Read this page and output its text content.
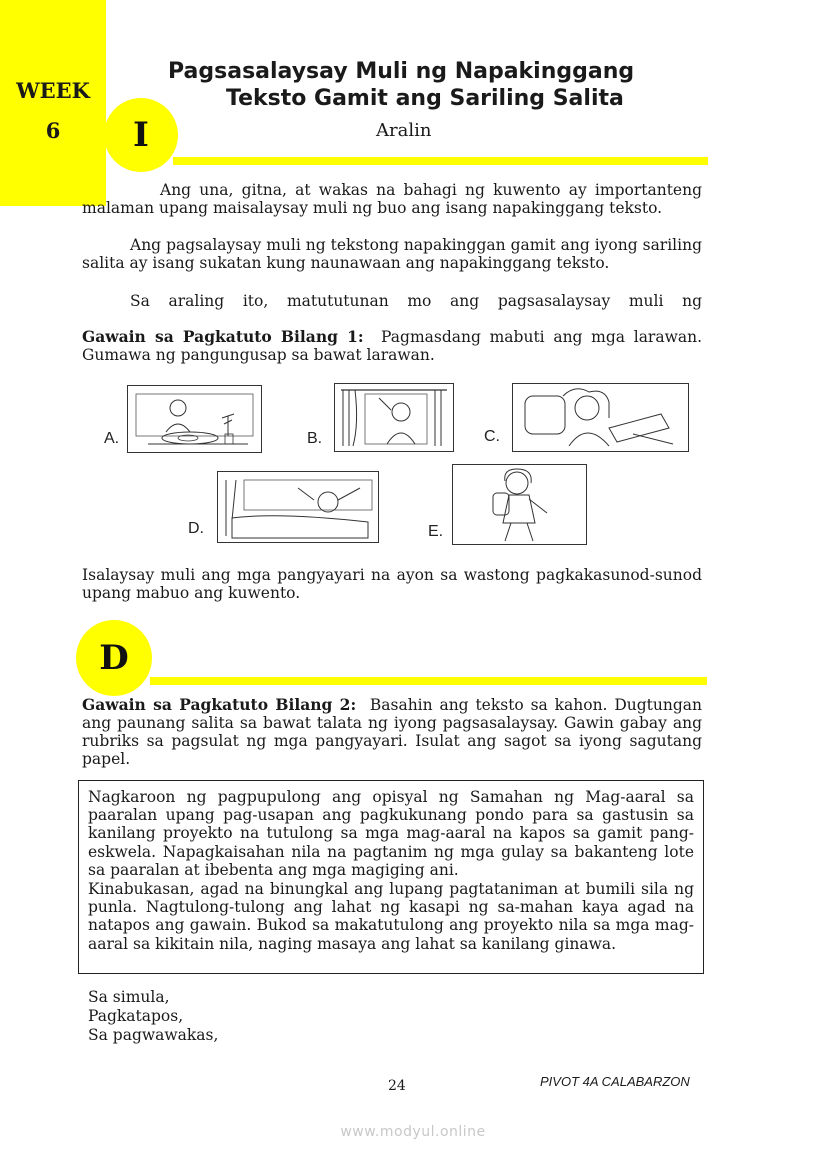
WEEK
6
Pagsasalaysay Muli ng Napakinggang
Teksto Gamit ang Sariling Salita
I	Aralin

Ang una, gitna, at wakas na bahagi ng kuwento ay importanteng malaman upang maisalaysay muli ng buo ang isang napakinggang teksto.

Ang pagsalaysay muli ng tekstong napakinggan gamit ang iyong sariling salita ay isang sukatan kung naunawaan ang napakinggang teksto.

Sa araling ito, matututunan mo ang pagsasalaysay muli ng

Gawain sa Pagkatuto Bilang 1: Pagmasdang mabuti ang mga larawan. Gumawa ng pangungusap sa bawat larawan.

A.	B.	C.
D.	E.

Isalaysay muli ang mga pangyayari na ayon sa wastong pagkakasunod-sunod upang mabuo ang kuwento.

D

Gawain sa Pagkatuto Bilang 2: Basahin ang teksto sa kahon. Dugtungan ang paunang salita sa bawat talata ng iyong pagsasalaysay. Gawin gabay ang rubriks sa pagsulat ng mga pangyayari. Isulat ang sagot sa iyong sagutang papel.

Nagkaroon ng pagpupulong ang opisyal ng Samahan ng Mag-aaral sa paaralan upang pag-usapan ang pagkukunang pondo para sa gastusin sa kanilang proyekto na tutulong sa mga mag-aaral na kapos sa gamit pang-eskwela. Napagkaisahan nila na pagtanim ng mga gulay sa bakanteng lote sa paaralan at ibebenta ang mga magiging ani.

Kinabukasan, agad na binungkal ang lupang pagtataniman at bumili sila ng punla. Nagtulong-tulong ang lahat ng kasapi ng sa-mahan kaya agad na natapos ang gawain. Bukod sa makatutulong ang proyekto nila sa mga mag-aaral sa kikitain nila, naging masaya ang lahat sa kanilang ginawa.

Sa simula,
Pagkatapos,
Sa pagwawakas,
24	PIVOT 4A CALABARZON
www.modyul.online
